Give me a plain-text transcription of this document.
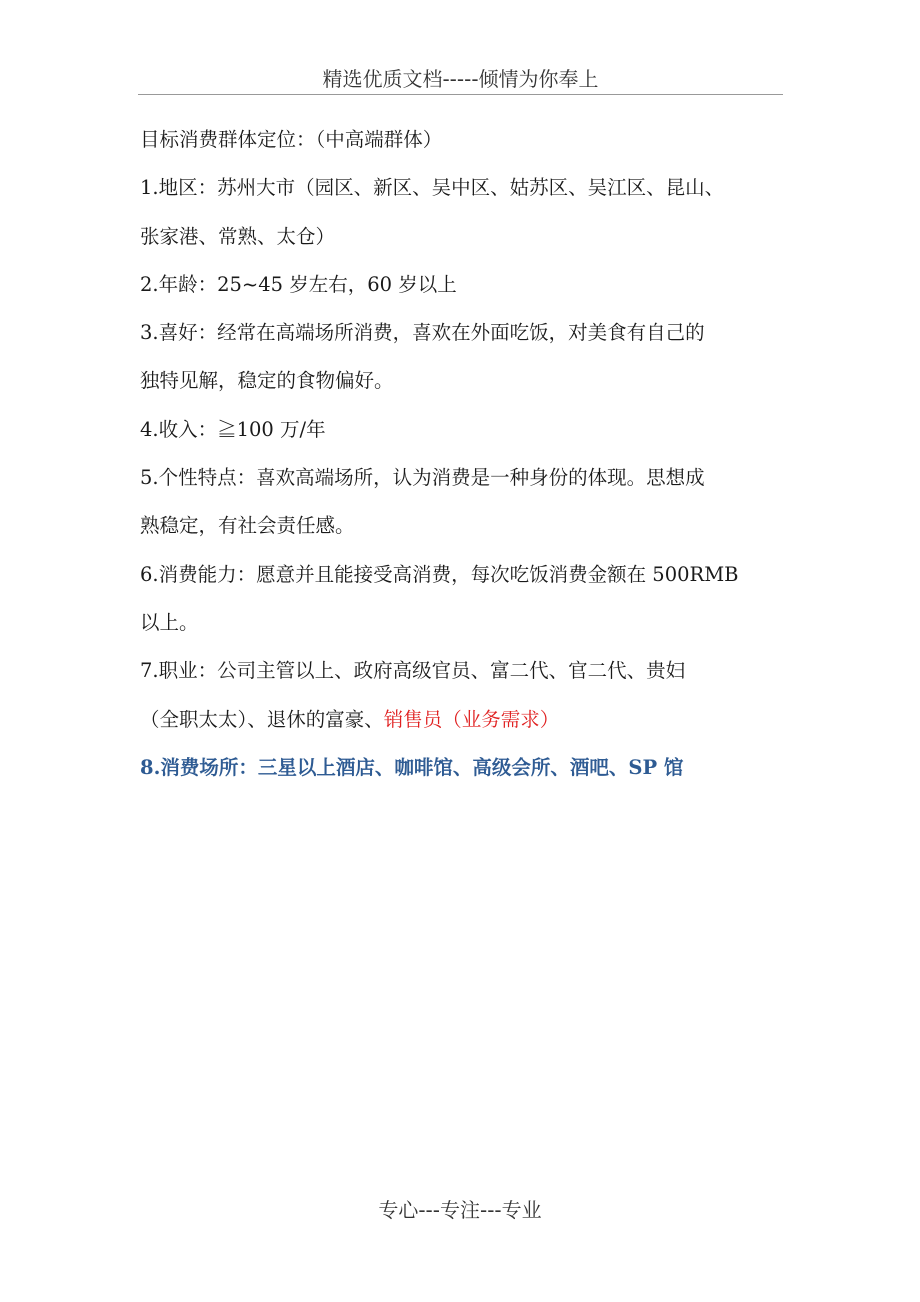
精选优质文档-----倾情为你奉上
目标消费群体定位：（中高端群体）
1.地区：苏州大市（园区、新区、吴中区、姑苏区、吴江区、昆山、
张家港、常熟、太仓）
2.年龄：25~45 岁左右，60 岁以上
3.喜好：经常在高端场所消费，喜欢在外面吃饭，对美食有自己的
独特见解，稳定的食物偏好。
4.收入：≧100 万/年
5.个性特点：喜欢高端场所，认为消费是一种身份的体现。思想成
熟稳定，有社会责任感。
6.消费能力：愿意并且能接受高消费，每次吃饭消费金额在 500RMB
以上。
7.职业：公司主管以上、政府高级官员、富二代、官二代、贵妇
（全职太太）、退休的富豪、销售员（业务需求）
8.消费场所：三星以上酒店、咖啡馆、高级会所、酒吧、SP 馆
专心---专注---专业
